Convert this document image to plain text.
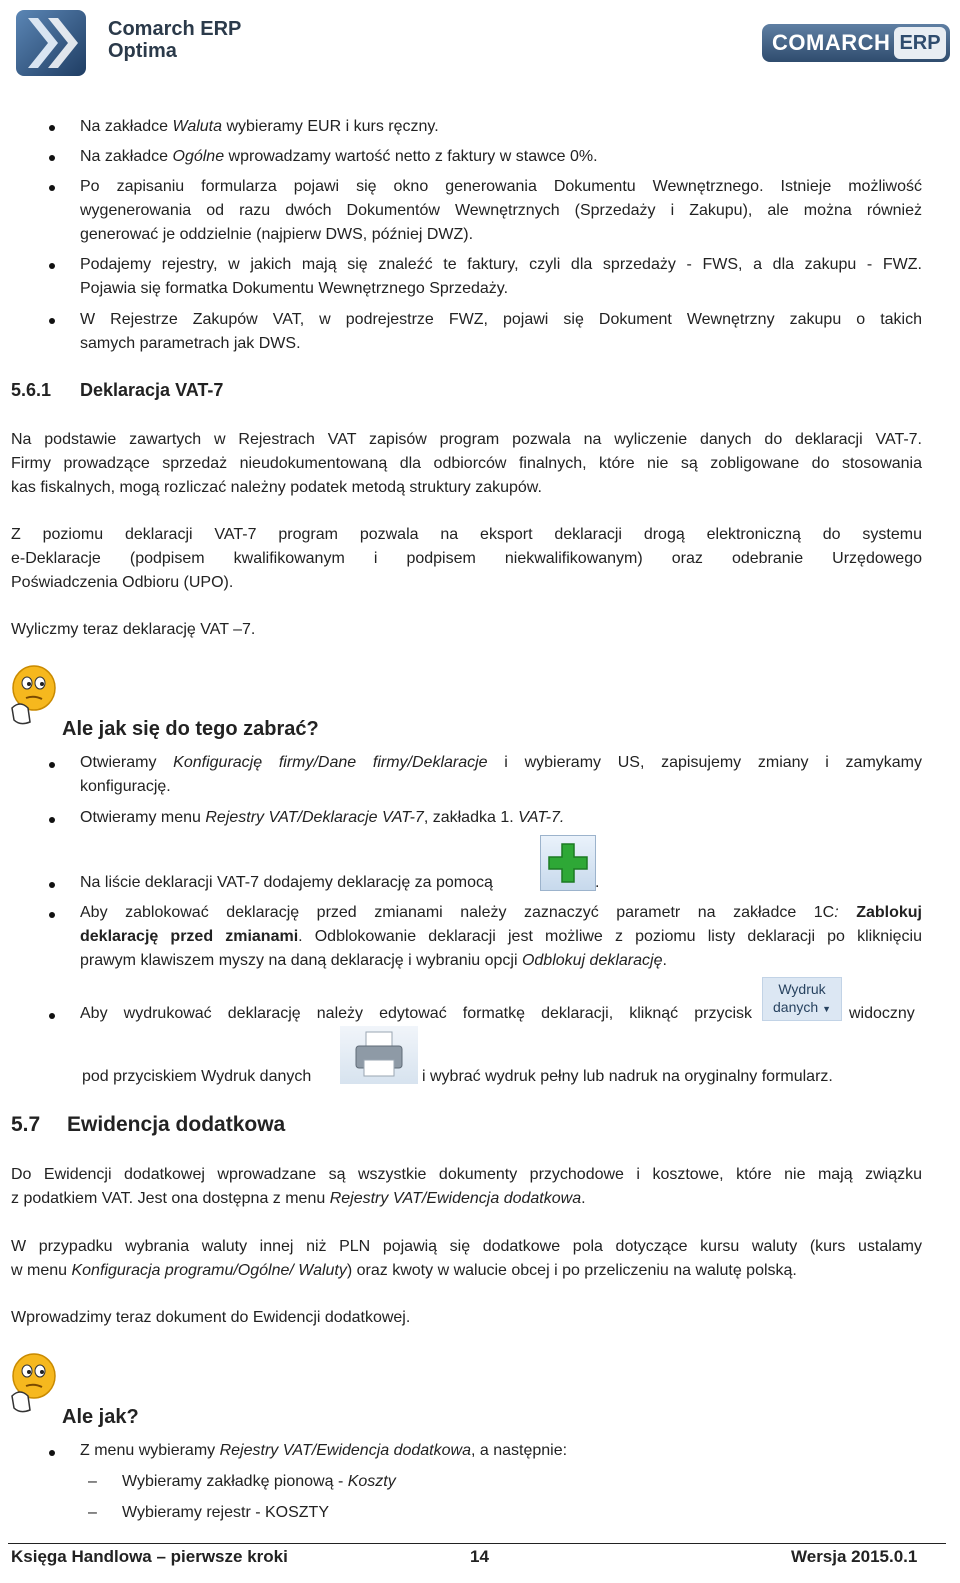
Comarch ERP
Optima	COMARCH ERP
Na zakładce Waluta wybieramy EUR i kurs ręczny.
Na zakładce Ogólne wprowadzamy wartość netto z faktury w stawce 0%.
Po zapisaniu formularza pojawi się okno generowania Dokumentu Wewnętrznego. Istnieje możliwość
wygenerowania od razu dwóch Dokumentów Wewnętrznych (Sprzedaży i Zakupu), ale można również
generować je oddzielnie (najpierw DWS, później DWZ).
Podajemy rejestry, w jakich mają się znaleźć te faktury, czyli dla sprzedaży - FWS, a dla zakupu - FWZ.
Pojawia się formatka Dokumentu Wewnętrznego Sprzedaży.
W Rejestrze Zakupów VAT, w podrejestrze FWZ, pojawi się Dokument Wewnętrzny zakupu o takich
samych parametrach jak DWS.
5.6.1 Deklaracja VAT-7
Na podstawie zawartych w Rejestrach VAT zapisów program pozwala na wyliczenie danych do deklaracji VAT-7.
Firmy prowadzące sprzedaż nieudokumentowaną dla odbiorców finalnych, które nie są zobligowane do stosowania
kas fiskalnych, mogą rozliczać należny podatek metodą struktury zakupów.
Z poziomu deklaracji VAT-7 program pozwala na eksport deklaracji drogą elektroniczną do systemu
e-Deklaracje (podpisem kwalifikowanym i podpisem niekwalifikowanym) oraz odebranie Urzędowego
Poświadczenia Odbioru (UPO).
Wyliczmy teraz deklarację VAT –7.
Ale jak się do tego zabrać?
Otwieramy Konfigurację firmy/Dane firmy/Deklaracje i wybieramy US, zapisujemy zmiany i zamykamy
konfigurację.
Otwieramy menu Rejestry VAT/Deklaracje VAT-7, zakładka 1. VAT-7.
Na liście deklaracji VAT-7 dodajemy deklarację za pomocą	.
Aby zablokować deklarację przed zmianami należy zaznaczyć parametr na zakładce 1C: Zablokuj
deklarację przed zmianami. Odblokowanie deklaracji jest możliwe z poziomu listy deklaracji po kliknięciu
prawym klawiszem myszy na daną deklarację i wybraniu opcji Odblokuj deklarację.
Aby wydrukować deklarację należy edytować formatkę deklaracji, kliknąć przycisk
Wydruk
danych ▼	widoczny
pod przyciskiem Wydruk danych	i wybrać wydruk pełny lub nadruk na oryginalny formularz.
5.7 Ewidencja dodatkowa
Do Ewidencji dodatkowej wprowadzane są wszystkie dokumenty przychodowe i kosztowe, które nie mają związku
z podatkiem VAT. Jest ona dostępna z menu Rejestry VAT/Ewidencja dodatkowa.
W przypadku wybrania waluty innej niż PLN pojawią się dodatkowe pola dotyczące kursu waluty (kurs ustalamy
w menu Konfiguracja programu/Ogólne/ Waluty) oraz kwoty w walucie obcej i po przeliczeniu na walutę polską.
Wprowadzimy teraz dokument do Ewidencji dodatkowej.
Ale jak?
Z menu wybieramy Rejestry VAT/Ewidencja dodatkowa, a następnie:
– Wybieramy zakładkę pionową - Koszty
– Wybieramy rejestr - KOSZTY
Księga Handlowa – pierwsze kroki	14	Wersja 2015.0.1
